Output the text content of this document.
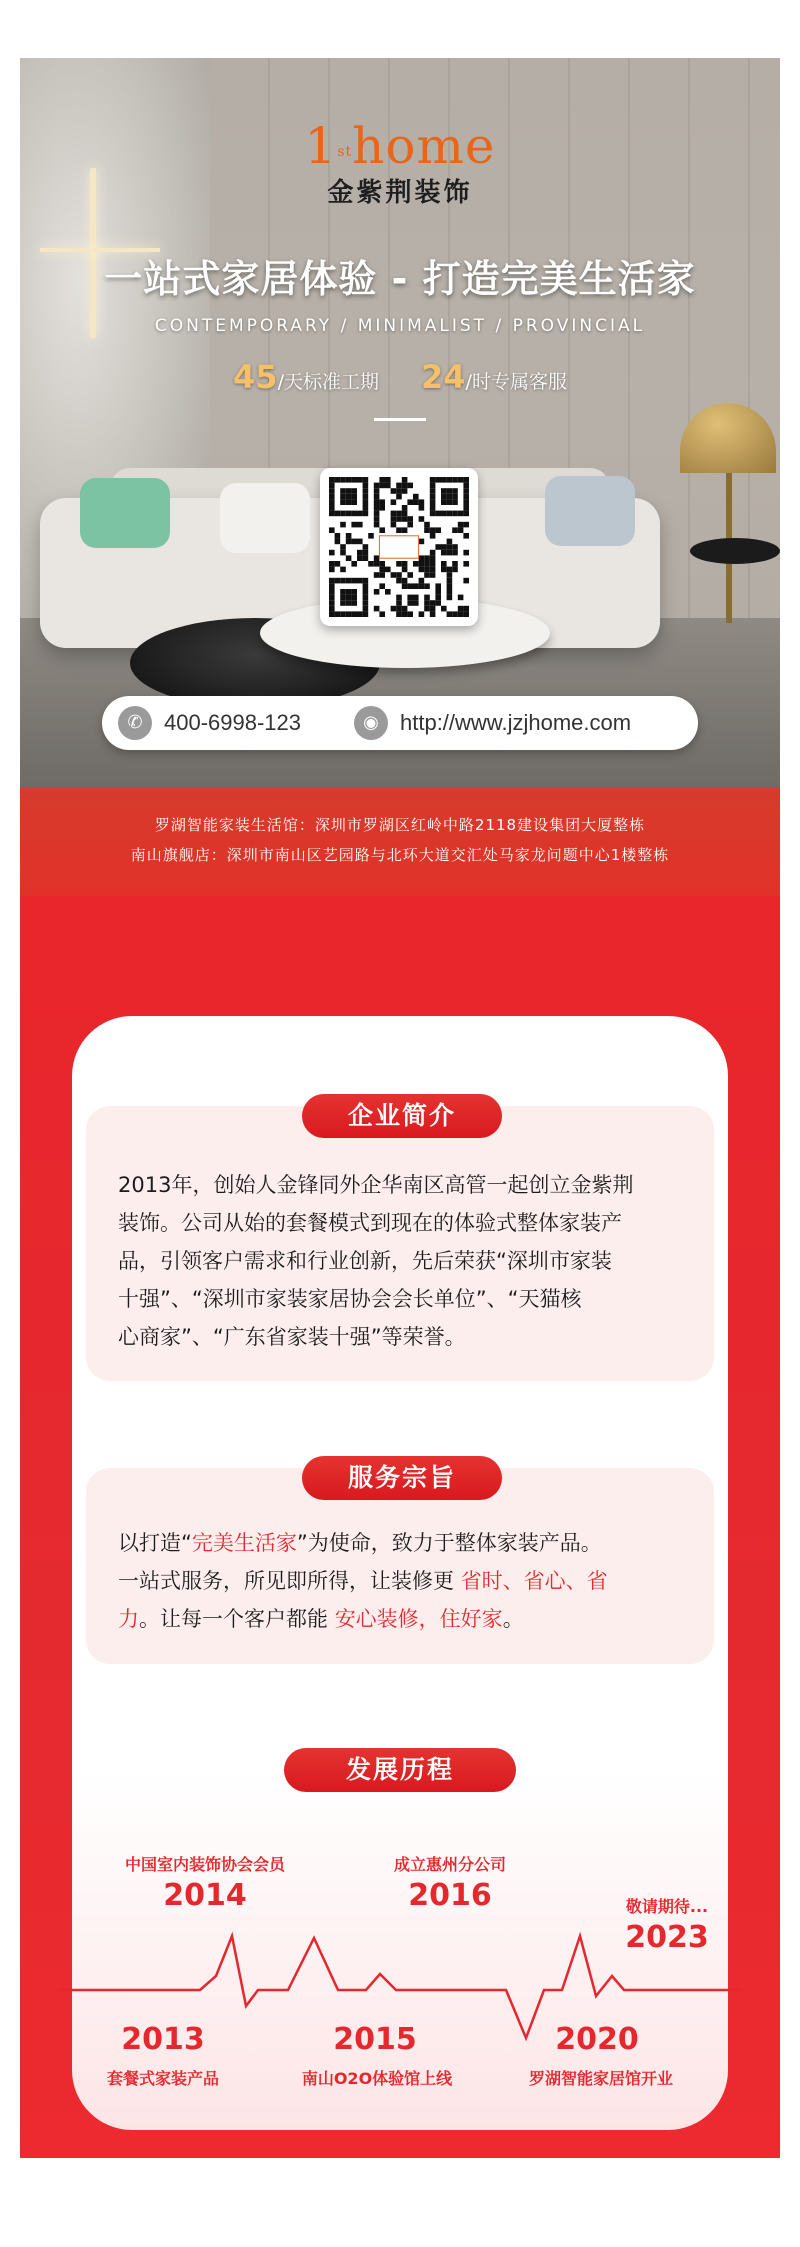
1sthome
金紫荆装饰
一站式家居体验 - 打造完美生活家
CONTEMPORARY / MINIMALIST / PROVINCIAL
45/天标准工期 24/时专属客服
✆ 400-6998-123	◉ http://www.jzjhome.com
罗湖智能家装生活馆：深圳市罗湖区红岭中路2118建设集团大厦整栋
南山旗舰店：深圳市南山区艺园路与北环大道交汇处马家龙问题中心1楼整栋
企业简介
2013年，创始人金锋同外企华南区高管一起创立金紫荆
装饰。公司从始的套餐模式到现在的体验式整体家装产
品，引领客户需求和行业创新，先后荣获“深圳市家装
十强”、“深圳市家装家居协会会长单位”、“天猫核
心商家”、“广东省家装十强”等荣誉。
服务宗旨
以打造“完美生活家”为使命，致力于整体家装产品。
一站式服务，所见即所得，让装修更 省时、省心、省
力。让每一个客户都能 安心装修，住好家。
发展历程
中国室内装饰协会会员
2014
成立惠州分公司
2016	敬请期待...
2023
2013
套餐式家装产品
2015
南山O2O体验馆上线
2020
罗湖智能家居馆开业
